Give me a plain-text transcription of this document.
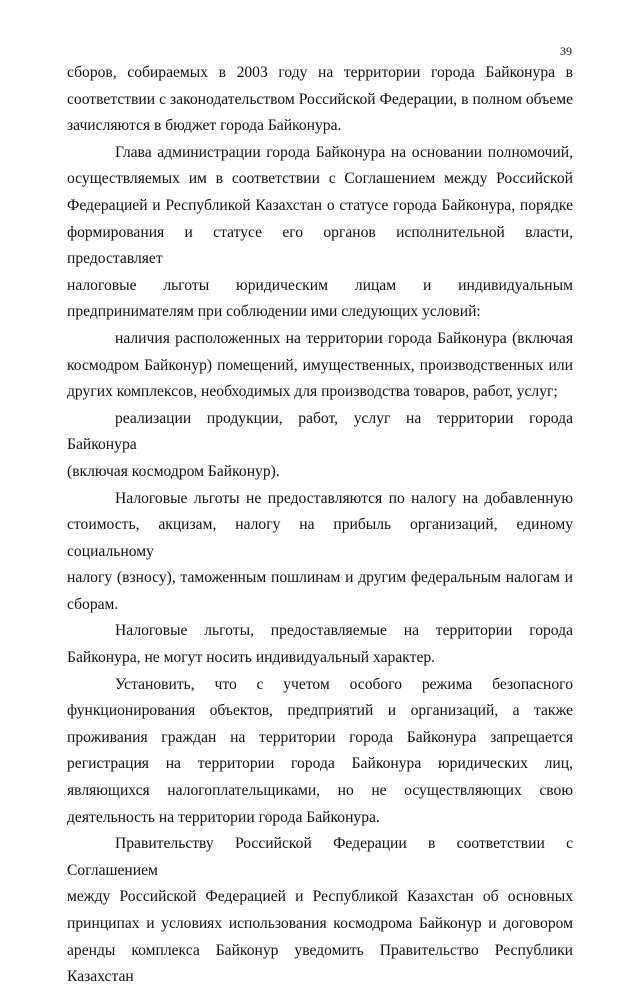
39
сборов, собираемых в 2003 году на территории города Байконура в
соответствии с законодательством Российской Федерации, в полном объеме
зачисляются в бюджет города Байконура.
Глава администрации города Байконура на основании полномочий,
осуществляемых им в соответствии с Соглашением между Российской
Федерацией и Республикой Казахстан о статусе города Байконура, порядке
формирования и статусе его органов исполнительной власти, предоставляет
налоговые льготы юридическим лицам и индивидуальным
предпринимателям при соблюдении ими следующих условий:
наличия расположенных на территории города Байконура (включая
космодром Байконур) помещений, имущественных, производственных или
других комплексов, необходимых для производства товаров, работ, услуг;
реализации продукции, работ, услуг на территории города Байконура
(включая космодром Байконур).
Налоговые льготы не предоставляются по налогу на добавленную
стоимость, акцизам, налогу на прибыль организаций, единому социальному
налогу (взносу), таможенным пошлинам и другим федеральным налогам и
сборам.
Налоговые льготы, предоставляемые на территории города
Байконура, не могут носить индивидуальный характер.
Установить, что с учетом особого режима безопасного
функционирования объектов, предприятий и организаций, а также
проживания граждан на территории города Байконура запрещается
регистрация на территории города Байконура юридических лиц,
являющихся налогоплательщиками, но не осуществляющих свою
деятельность на территории города Байконура.
Правительству Российской Федерации в соответствии с Соглашением
между Российской Федерацией и Республикой Казахстан об основных
принципах и условиях использования космодрома Байконур и договором
аренды комплекса Байконур уведомить Правительство Республики Казахстан
